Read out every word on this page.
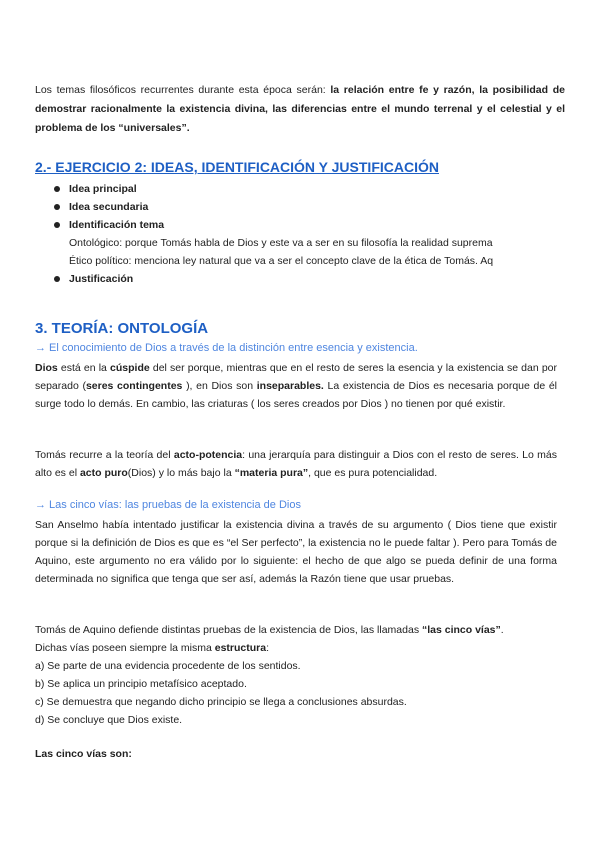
Los temas filosóficos recurrentes durante esta época serán: la relación entre fe y razón, la posibilidad de demostrar racionalmente la existencia divina, las diferencias entre el mundo terrenal y el celestial y el problema de los “universales”.

2.- EJERCICIO 2: IDEAS, IDENTIFICACIÓN Y JUSTIFICACIÓN
Idea principal
Idea secundaria
Identificación tema
Ontológico: porque Tomás habla de Dios y este va a ser en su filosofía la realidad suprema
Ético político: menciona ley natural que va a ser el concepto clave de la ética de Tomás. Aq
Justificación
3. TEORÍA: ONTOLOGÍA

→ El conocimiento de Dios a través de la distinción entre esencia y existencia.

Dios está en la cúspide del ser porque, mientras que en el resto de seres la esencia y la existencia se dan por separado (seres contingentes ), en Dios son inseparables. La existencia de Dios es necesaria porque de él surge todo lo demás. En cambio, las criaturas ( los seres creados por Dios ) no tienen por qué existir.

Tomás recurre a la teoría del acto-potencia: una jerarquía para distinguir a Dios con el resto de seres. Lo más alto es el acto puro(Dios) y lo más bajo la “materia pura”, que es pura potencialidad.

→ Las cinco vías: las pruebas de la existencia de Dios

San Anselmo había intentado justificar la existencia divina a través de su argumento ( Dios tiene que existir porque si la definición de Dios es que es “el Ser perfecto”, la existencia no le puede faltar ). Pero para Tomás de Aquino, este argumento no era válido por lo siguiente: el hecho de que algo se pueda definir de una forma determinada no significa que tenga que ser así, además la Razón tiene que usar pruebas.

Tomás de Aquino defiende distintas pruebas de la existencia de Dios, las llamadas “las cinco vías”.
Dichas vías poseen siempre la misma estructura:

a) Se parte de una evidencia procedente de los sentidos.

b) Se aplica un principio metafísico aceptado.

c) Se demuestra que negando dicho principio se llega a conclusiones absurdas.

d) Se concluye que Dios existe.

Las cinco vías son:
